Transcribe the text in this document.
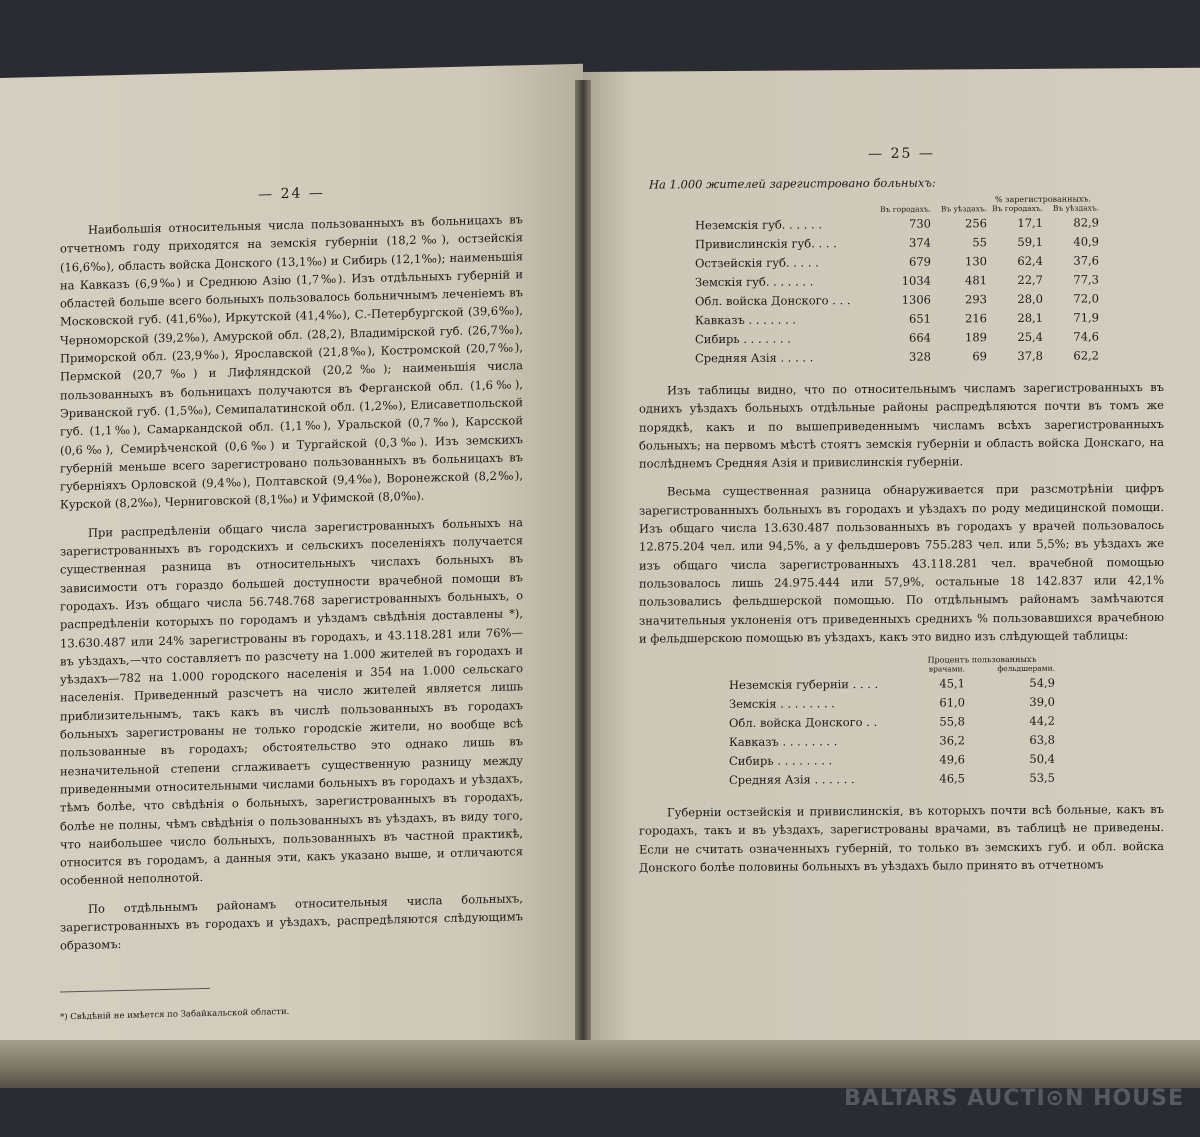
— 24 —

Наибольшія относительныя числа пользованныхъ въ больницахъ въ отчетномъ году приходятся на земскія губерніи (18,2‰), остзейскія (16,6‰), область войска Донского (13,1‰) и Сибирь (12,1‰); наименьшія на Кавказъ (6,9‰) и Среднюю Азію (1,7‰). Изъ отдѣльныхъ губерній и областей больше всего больныхъ пользовалось больничнымъ леченіемъ въ Московской губ. (41,6‰), Иркутской (41,4‰), С.-Петербургской (39,6‰), Черноморской (39,2‰), Амурской обл. (28,2), Владимірской губ. (26,7‰), Приморской обл. (23,9‰), Ярославской (21,8‰), Костромской (20,7‰), Пермской (20,7‰) и Лифляндской (20,2‰); наименьшія числа пользованныхъ въ больницахъ получаются въ Ферганской обл. (1,6‰), Эриванской губ. (1,5‰), Семипалатинской обл. (1,2‰), Елисаветпольской губ. (1,1‰), Самаркандской обл. (1,1‰), Уральской (0,7‰), Карсской (0,6‰), Семирѣченской (0,6‰) и Тургайской (0,3‰). Изъ земскихъ губерній меньше всего зарегистровано пользованныхъ въ больницахъ въ губерніяхъ Орловской (9,4‰), Полтавской (9,4‰), Воронежской (8,2‰), Курской (8,2‰), Черниговской (8,1‰) и Уфимской (8,0‰).

При распредѣленіи общаго числа зарегистрованныхъ больныхъ на зарегистрованныхъ въ городскихъ и сельскихъ поселеніяхъ получается существенная разница въ относительныхъ числахъ больныхъ въ зависимости отъ гораздо большей доступности врачебной помощи въ городахъ. Изъ общаго числа 56.748.768 зарегистрованныхъ больныхъ, о распредѣленіи которыхъ по городамъ и уѣздамъ свѣдѣнія доставлены *), 13.630.487 или 24% зарегистрованы въ городахъ, и 43.118.281 или 76%—въ уѣздахъ,—что составляетъ по разсчету на 1.000 жителей въ городахъ и уѣздахъ—782 на 1.000 городского населенія и 354 на 1.000 сельскаго населенія. Приведенный разсчетъ на число жителей является лишь приблизительнымъ, такъ какъ въ числѣ пользованныхъ въ городахъ больныхъ зарегистрованы не только городскіе жители, но вообще всѣ пользованные въ городахъ; обстоятельство это однако лишь въ незначительной степени сглаживаетъ существенную разницу между приведенными относительными числами больныхъ въ городахъ и уѣздахъ, тѣмъ болѣе, что свѣдѣнія о больныхъ, зарегистрованныхъ въ городахъ, болѣе не полны, чѣмъ свѣдѣнія о пользованныхъ въ уѣздахъ, въ виду того, что наибольшее число больныхъ, пользованныхъ въ частной практикѣ, относится въ городамъ, а данныя эти, какъ указано выше, и отличаются особенной неполнотой.

По отдѣльнымъ районамъ относительныя числа больныхъ, зарегистрованныхъ въ городахъ и уѣздахъ, распредѣляются слѣдующимъ образомъ:

*) Свѣдѣній не имѣется по Забайкальской области.

— 25 —

На 1.000 жителей зарегистровано больныхъ:
			% зарегистрованныхъ.	
	Въ городахъ.	Въ уѣздахъ.	Въ городахъ.	Въ уѣздахъ.
Неземскія губ. . . . . .	730	256	17,1	82,9
Привислинскія губ. . . .	374	55	59,1	40,9
Остзейскія губ. . . . .	679	130	62,4	37,6
Земскія губ. . . . . . .	1034	481	22,7	77,3
Обл. войска Донского . . .	1306	293	28,0	72,0
Кавказъ . . . . . . .	651	216	28,1	71,9
Сибирь . . . . . . .	664	189	25,4	74,6
Средняя Азія . . . . .	328	69	37,8	62,2

Изъ таблицы видно, что по относительнымъ числамъ зарегистрованныхъ въ однихъ уѣздахъ больныхъ отдѣльные районы распредѣляются почти въ томъ же порядкѣ, какъ и по вышеприведеннымъ числамъ всѣхъ зарегистрованныхъ больныхъ; на первомъ мѣстѣ стоятъ земскія губерніи и область войска Донскаго, на послѣднемъ Средняя Азія и привислинскія губерніи.

Весьма существенная разница обнаруживается при разсмотрѣніи цифръ зарегистрованныхъ больныхъ въ городахъ и уѣздахъ по роду медицинской помощи. Изъ общаго числа 13.630.487 пользованныхъ въ городахъ у врачей пользовалось 12.875.204 чел. или 94,5%, а у фельдшеровъ 755.283 чел. или 5,5%; въ уѣздахъ же изъ общаго числа зарегистрованныхъ 43.118.281 чел. врачебной помощью пользовалось лишь 24.975.444 или 57,9%, остальные 18 142.837 или 42,1% пользовались фельдшерской помощью. По отдѣльнымъ районамъ замѣчаются значительныя уклоненія отъ приведенныхъ среднихъ % пользовавшихся врачебною и фельдшерскою помощью въ уѣздахъ, какъ это видно изъ слѣдующей таблицы:

	Процентъ пользованныхъ	
	врачами.	фельдшерами.
Неземскія губерніи . . . .	45,1	54,9
Земскія . . . . . . . .	61,0	39,0
Обл. войска Донского . .	55,8	44,2
Кавказъ . . . . . . . .	36,2	63,8
Сибирь . . . . . . . .	49,6	50,4
Средняя Азія . . . . . .	46,5	53,5

Губерніи остзейскія и привислинскія, въ которыхъ почти всѣ больные, какъ въ городахъ, такъ и въ уѣздахъ, зарегистрованы врачами, въ таблицѣ не приведены. Если не считать означенныхъ губерній, то только въ земскихъ губ. и обл. войска Донского болѣе половины больныхъ въ уѣздахъ было принято въ отчетномъ

BALTARS AUCTI⊙N HOUSE
